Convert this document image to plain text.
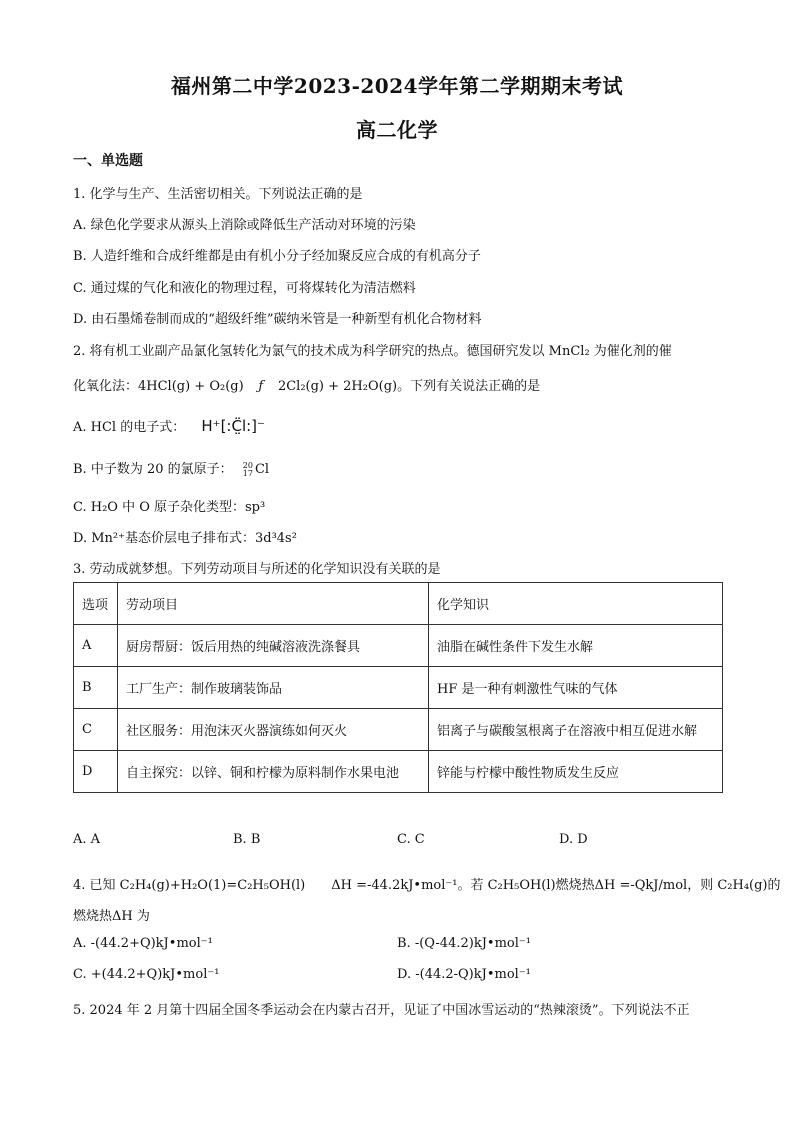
福州第二中学2023-2024学年第二学期期末考试
高二化学
一、单选题
1. 化学与生产、生活密切相关。下列说法正确的是
A. 绿色化学要求从源头上消除或降低生产活动对环境的污染
B. 人造纤维和合成纤维都是由有机小分子经加聚反应合成的有机高分子
C. 通过煤的气化和液化的物理过程，可将煤转化为清洁燃料
D. 由石墨烯卷制而成的“超级纤维”碳纳米管是一种新型有机化合物材料
2. 将有机工业副产品氯化氢转化为氯气的技术成为科学研究的热点。德国研究发以 MnCl₂ 为催化剂的催
化氧化法：4HCl(g) + O₂(g) ƒ 2Cl₂(g) + 2H₂O(g)。下列有关说法正确的是
A. HCl 的电子式： H⁺[:C̤̈l:]⁻
B. 中子数为 20 的氯原子： 20
17 Cl
C. H₂O 中 O 原子杂化类型：sp³
D. Mn²⁺基态价层电子排布式：3d³4s²
3. 劳动成就梦想。下列劳动项目与所述的化学知识没有关联的是
选项	劳动项目	化学知识
A	厨房帮厨：饭后用热的纯碱溶液洗涤餐具	油脂在碱性条件下发生水解
B	工厂生产：制作玻璃装饰品	HF 是一种有刺激性气味的气体
C	社区服务：用泡沫灭火器演练如何灭火	铝离子与碳酸氢根离子在溶液中相互促进水解
D	自主探究：以锌、铜和柠檬为原料制作水果电池	锌能与柠檬中酸性物质发生反应
A. A	B. B	C. C	D. D
4. 已知 C₂H₄(g)+H₂O(1)=C₂H₅OH(l)　　ΔH =-44.2kJ•mol⁻¹。若 C₂H₅OH(l)燃烧热ΔH =-QkJ/mol，则 C₂H₄(g)的
燃烧热ΔH 为
A. -(44.2+Q)kJ•mol⁻¹	B. -(Q-44.2)kJ•mol⁻¹
C. +(44.2+Q)kJ•mol⁻¹	D. -(44.2-Q)kJ•mol⁻¹
5. 2024 年 2 月第十四届全国冬季运动会在内蒙古召开，见证了中国冰雪运动的“热辣滚烫”。下列说法不正
